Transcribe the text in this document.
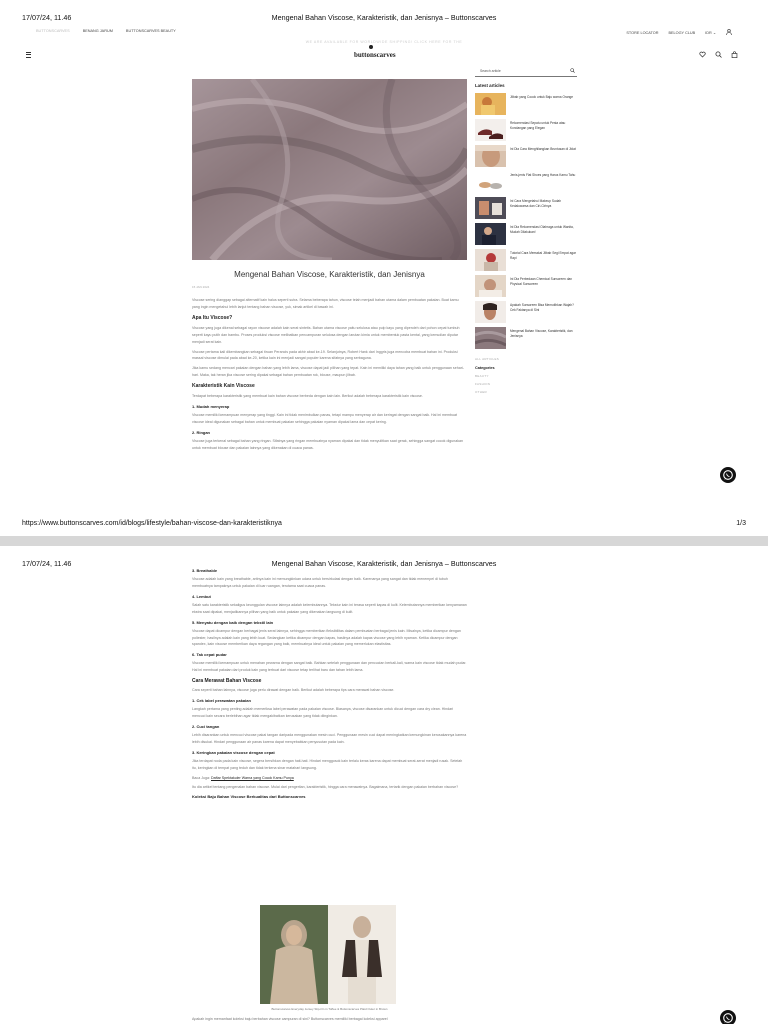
17/07/24, 11.46	Mengenal Bahan Viscose, Karakteristik, dan Jenisnya – Buttonscarves
BUTTONSCARVES	BENANG JARUM	BUTTONSCARVES BEAUTY	STORE LOCATOR	BELOGY CLUB	IDR ⌄
WE ARE AVAILABLE FOR WORLDWIDE SHIPPING! CLICK HERE FOR THE
buttonscarves
Mengenal Bahan Viscose, Karakteristik, dan Jenisnya
15 JAN 2024

Viscose sering dianggap sebagai alternatif kain halus seperti sutra. Selama beberapa tahun, viscose telah menjadi bahan utama dalam pembuatan pakaian. Buat kamu yang ingin mengetahui lebih lanjut tentang bahan viscose, yuk, simak artikel di bawah ini.

Apa Itu Viscose?

Viscose yang juga dikenal sebagai rayon viscose adalah kain serat sintetis. Bahan utama viscose yaitu selulosa atau pulp kayu yang diperoleh dari pohon cepat tumbuh seperti kayu putih dan bambu. Proses produksi viscose melibatkan pencampuran selulosa dengan larutan kimia untuk membentuk pasta kental, yang kemudian diputar menjadi serat kain.

Viscose pertama kali dikembangkan sebagai tiruan Perancis pada akhir abad ke-19. Selanjutnya, Robert Hank dari Inggris juga mencoba membuat bahan ini. Produksi massal viscose dimulai pada abad ke-20, ketika kain ini menjadi sangat populer karena sifatnya yang serbaguna.

Jika kamu sedang mencari pakaian dengan bahan yang lebih lama, viscose dapat jadi pilihan yang tepat. Kain ini memiliki daya tahan yang baik untuk penggunaan sehari-hari. Maka, tak heran jika viscose sering dipakai sebagai bahan pembuatan rok, blouse, maupun jilbab.

Karakteristik Kain Viscose

Terdapat beberapa karakteristik yang membuat kain bahan viscose berbeda dengan kain lain. Berikut adalah beberapa karakteristik kain viscose.

1. Mudah menyerap

Viscose memiliki kemampuan menyerap yang tinggi. Kain ini tidak menimbulkan panas, tetapi mampu menyerap air dan keringat dengan sangat baik. Hal ini membuat viscose ideal digunakan sebagai bahan untuk membuat pakaian sehingga pakaian nyaman dipakai lama dan cepat kering.

2. Ringan

Viscose juga terkenal sebagai bahan yang ringan. Sifatnya yang ringan membuatnya nyaman dipakai dan tidak menyulitkan saat gerak, sehingga sangat cocok digunakan untuk membuat blouse dan pakaian lainnya yang dikenakan di cuaca panas.

Search article
Latest articles
Jilbab yang Cocok untuk Baju warna Orange
Rekomendasi Sepatu untuk Pesta atau Kondangan yang Elegan
Ini Dia Cara Menghilangkan Bruntusan di Jidat
Jenis-jenis Flat Shoes yang Harus Kamu Tahu
Ini Cara Mengetahui Makeup Sudah Kedaluwarsa dan Ciri-Cirinya
Ini Dia Rekomendasi Olahraga untuk Wanita, Mudah Dilakukan!
Tutorial Cara Memakai Jilbab Segi Empat agar Rapi
Ini Dia Perbedaan Chemical Sunscreen dan Physical Sunscreen
Apakah Sunscreen Bisa Memutihkan Wajah? Cek Faktanya di Sini
Mengenal Bahan Viscose, Karakteristik, dan Jenisnya
ALL ARTICLES
Categories
BEAUTY
FASHION
OTHER
https://www.buttonscarves.com/id/blogs/lifestyle/bahan-viscose-dan-karakteristiknya	1/3
17/07/24, 11.46	Mengenal Bahan Viscose, Karakteristik, dan Jenisnya – Buttonscarves
3. Breathable

Viscose adalah kain yang breathable, artinya kain ini memungkinkan udara untuk bersirkulasi dengan baik. Karenanya yang sangat dan tidak menempel di tubuh membuatnya tampaknya untuk pakaian di luar ruangan, terutama saat cuaca panas.

4. Lembut

Salah satu karakteristik sekaligus keunggulan viscose lainnya adalah kelembutannya. Tekstur kain ini terasa seperti kapas di kulit. Kelembutannya memberikan kenyamanan ekstra saat dipakai, menjadikannya pilihan yang baik untuk pakaian yang dikenakan langsung di kulit.

5. Menyatu dengan baik dengan tekstil lain

Viscose dapat dicampur dengan berbagai jenis serat lainnya, sehingga memberikan fleksibilitas dalam pembuatan berbagai jenis kain. Misalnya, ketika dicampur dengan poliester, hasilnya adalah kain yang lebih kuat. Sedangkan ketika dicampur dengan kapas, hasilnya adalah kapas viscose yang lebih nyaman. Ketika dicampur dengan spandex, kain viscose memberikan daya regangan yang baik, membuatnya ideal untuk pakaian yang memerlukan elastisitas.

6. Tak cepat pudar

Viscose memiliki kemampuan untuk menahan pewarna dengan sangat baik. Bahkan setelah penggunaan dan pencucian berkali-kali, warna kain viscose tidak mudah pudar. Hal ini membuat pakaian dari produk kain yang terbuat dari viscose tetap terlihat baru dan tahan lebih lama.

Cara Merawat Bahan Viscose

Cara seperti bahan lainnya, viscose juga perlu dirawat dengan baik. Berikut adalah beberapa tips cara merawat bahan viscose.

1. Cek label perawatan pakaian

Langkah pertama yang penting adalah memeriksa label perawatan pada pakaian viscose. Biasanya, viscose disarankan untuk dicuci dengan cara dry clean. Hindari mencuci kain secara berlebihan agar tidak mengakibatkan kerusakan yang tidak diinginkan.

2. Cuci tangan

Lebih disarankan untuk mencuci viscose pakai tangan daripada menggunakan mesin cuci. Penggunaan mesin cuci dapat meningkatkan kemungkinan kerusakannya karena lebih disukai. Hindari penggunaan air panas karena dapat menyebabkan penyusutan pada kain.

3. Keringkan pakaian viscose dengan cepat

Jika terdapat noda pada kain viscose, segera bersihkan dengan hati-hati. Hindari menggosok kain terlalu keras karena dapat membuat serat-serat menjadi rusak. Setelah itu, keringkan di tempat yang teduh dan tidak terkena sinar matahari langsung.

Baca Juga: Daftar Spektakuler Warna yang Cocok Kamu Punya

Itu dia artikel tentang pengenalan bahan viscose. Mulai dari pengertian, karakteristik, hingga cara merawatnya. Bagaimana, tertarik dengan pakaian berbahan viscose?

Koleksi Baju Bahan Viscose Berkualitas dari Buttonscarves
Buttonscarves Everyday Jersey Slip-On in Toffee & Buttonscarves Plaid Outer in Brown

Apakah ingin memanfaat koleksi baju berbahan viscose campuran di sini? Buttonscarves memiliki berbagai koleksi apparel
